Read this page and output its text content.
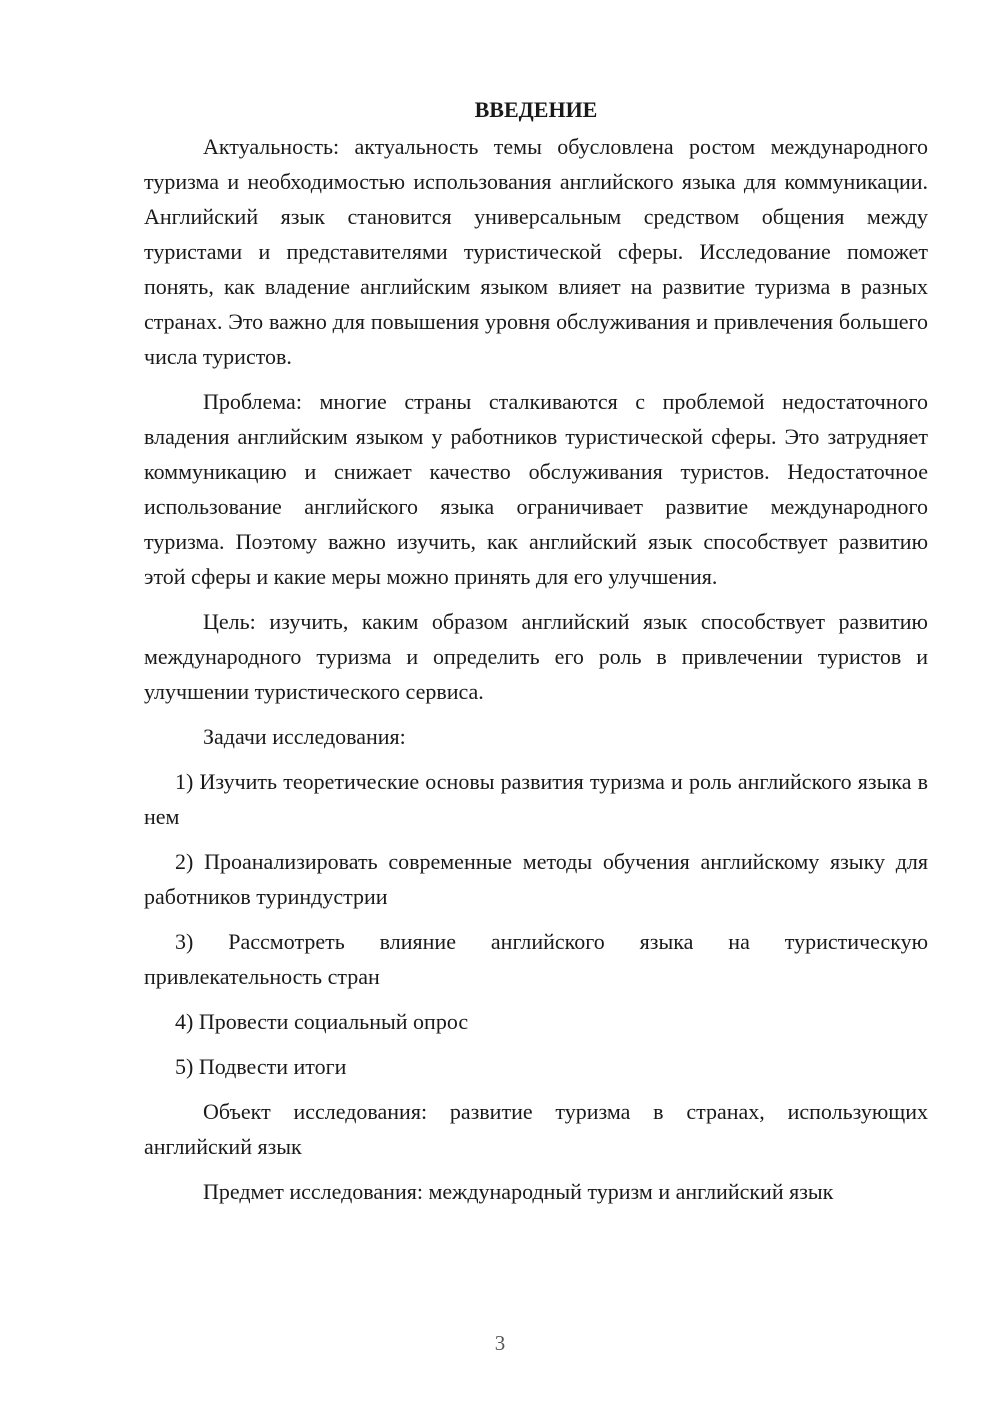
ВВЕДЕНИЕ

Актуальность: актуальность темы обусловлена ростом международного туризма и необходимостью использования английского языка для коммуникации. Английский язык становится универсальным средством общения между туристами и представителями туристической сферы. Исследование поможет понять, как владение английским языком влияет на развитие туризма в разных странах. Это важно для повышения уровня обслуживания и привлечения большего числа туристов.

Проблема: многие страны сталкиваются с проблемой недостаточного владения английским языком у работников туристической сферы. Это затрудняет коммуникацию и снижает качество обслуживания туристов. Недостаточное использование английского языка ограничивает развитие международного туризма. Поэтому важно изучить, как английский язык способствует развитию этой сферы и какие меры можно принять для его улучшения.

Цель: изучить, каким образом английский язык способствует развитию международного туризма и определить его роль в привлечении туристов и улучшении туристического сервиса.

Задачи исследования:

1) Изучить теоретические основы развития туризма и роль английского языка в нем

2) Проанализировать современные методы обучения английскому языку для работников туриндустрии

3) Рассмотреть влияние английского языка на туристическую привлекательность стран

4) Провести социальный опрос

5) Подвести итоги

Объект исследования: развитие туризма в странах, использующих английский язык

Предмет исследования: международный туризм и английский язык

3
